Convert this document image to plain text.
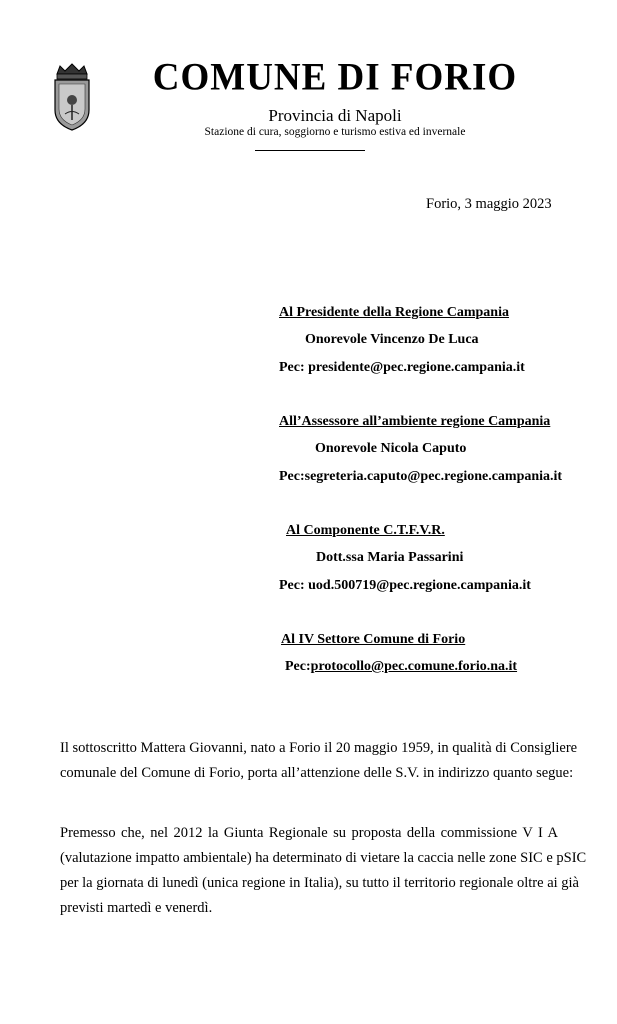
COMUNE DI FORIO
Provincia di Napoli
Stazione di cura, soggiorno e turismo estiva ed invernale
Forio, 3 maggio 2023
Al Presidente della Regione Campania
Onorevole Vincenzo De Luca
Pec: presidente@pec.regione.campania.it
All’Assessore all’ambiente regione Campania
Onorevole Nicola Caputo
Pec:segreteria.caputo@pec.regione.campania.it
Al Componente C.T.F.V.R.
Dott.ssa Maria Passarini
Pec: uod.500719@pec.regione.campania.it
Al IV Settore Comune di Forio
Pec:protocollo@pec.comune.forio.na.it
Il sottoscritto Mattera Giovanni, nato a Forio il 20 maggio 1959, in qualità di Consigliere
comunale del Comune di Forio, porta all’attenzione delle S.V. in indirizzo quanto segue:
Premesso che, nel 2012 la Giunta Regionale su proposta della commissione V I A
(valutazione impatto ambientale) ha determinato di vietare la caccia nelle zone SIC e pSIC
per la giornata di lunedì (unica regione in Italia), su tutto il territorio regionale oltre ai già
previsti martedì e venerdì.
